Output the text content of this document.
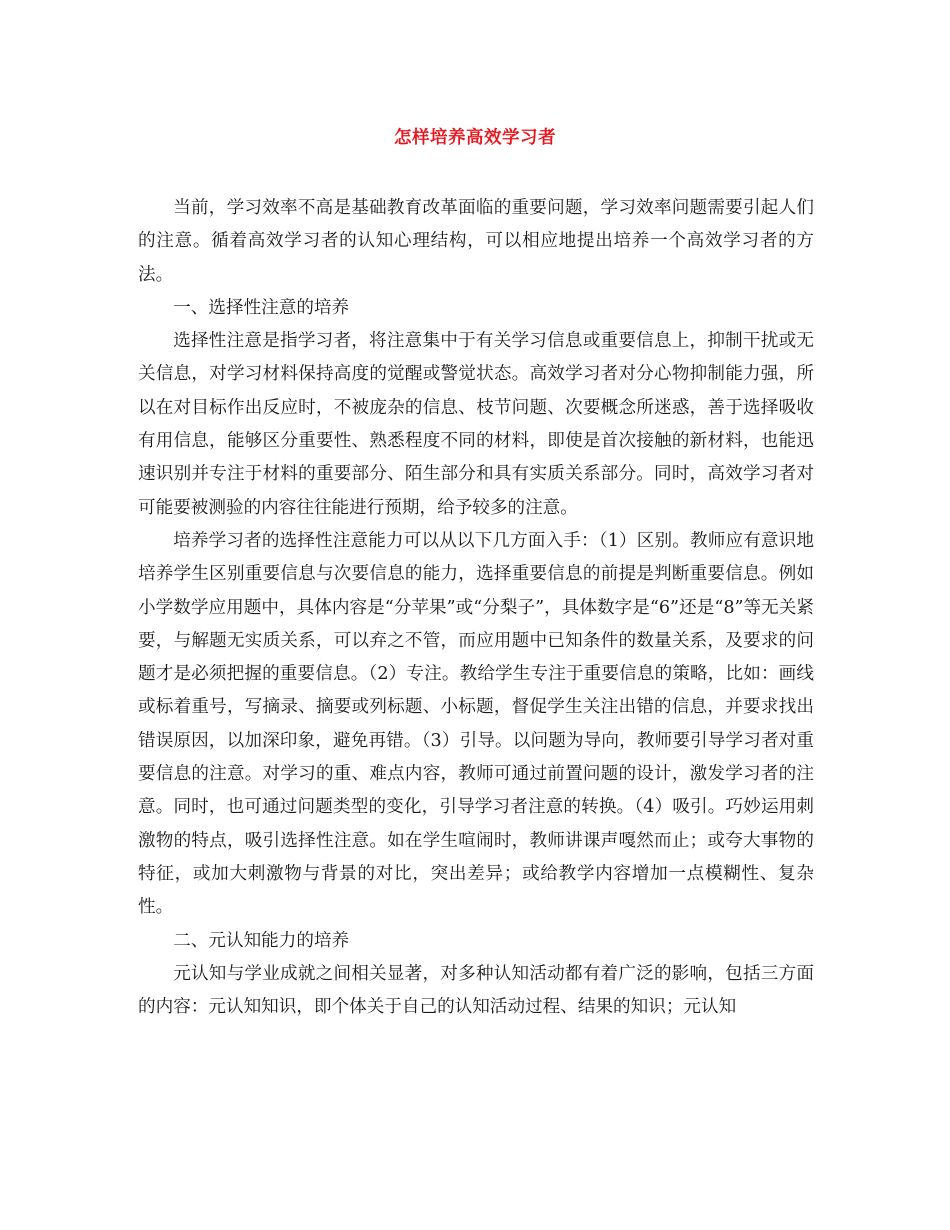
怎样培养高效学习者

当前，学习效率不高是基础教育改革面临的重要问题，学习效率问题需要引起人们的注意。循着高效学习者的认知心理结构，可以相应地提出培养一个高效学习者的方法。

一、选择性注意的培养

选择性注意是指学习者，将注意集中于有关学习信息或重要信息上，抑制干扰或无关信息，对学习材料保持高度的觉醒或警觉状态。高效学习者对分心物抑制能力强，所以在对目标作出反应时，不被庞杂的信息、枝节问题、次要概念所迷惑，善于选择吸收有用信息，能够区分重要性、熟悉程度不同的材料，即使是首次接触的新材料，也能迅速识别并专注于材料的重要部分、陌生部分和具有实质关系部分。同时，高效学习者对可能要被测验的内容往往能进行预期，给予较多的注意。

培养学习者的选择性注意能力可以从以下几方面入手：（1）区别。教师应有意识地培养学生区别重要信息与次要信息的能力，选择重要信息的前提是判断重要信息。例如小学数学应用题中，具体内容是“分苹果”或“分梨子”，具体数字是“6”还是“8”等无关紧要，与解题无实质关系，可以弃之不管，而应用题中已知条件的数量关系，及要求的问题才是必须把握的重要信息。（2）专注。教给学生专注于重要信息的策略，比如：画线或标着重号，写摘录、摘要或列标题、小标题，督促学生关注出错的信息，并要求找出错误原因，以加深印象，避免再错。（3）引导。以问题为导向，教师要引导学习者对重要信息的注意。对学习的重、难点内容，教师可通过前置问题的设计，激发学习者的注意。同时，也可通过问题类型的变化，引导学习者注意的转换。（4）吸引。巧妙运用刺激物的特点，吸引选择性注意。如在学生喧闹时，教师讲课声嘎然而止；或夸大事物的特征，或加大刺激物与背景的对比，突出差异；或给教学内容增加一点模糊性、复杂性。

二、元认知能力的培养

元认知与学业成就之间相关显著，对多种认知活动都有着广泛的影响，包括三方面的内容：元认知知识，即个体关于自己的认知活动过程、结果的知识；元认知
